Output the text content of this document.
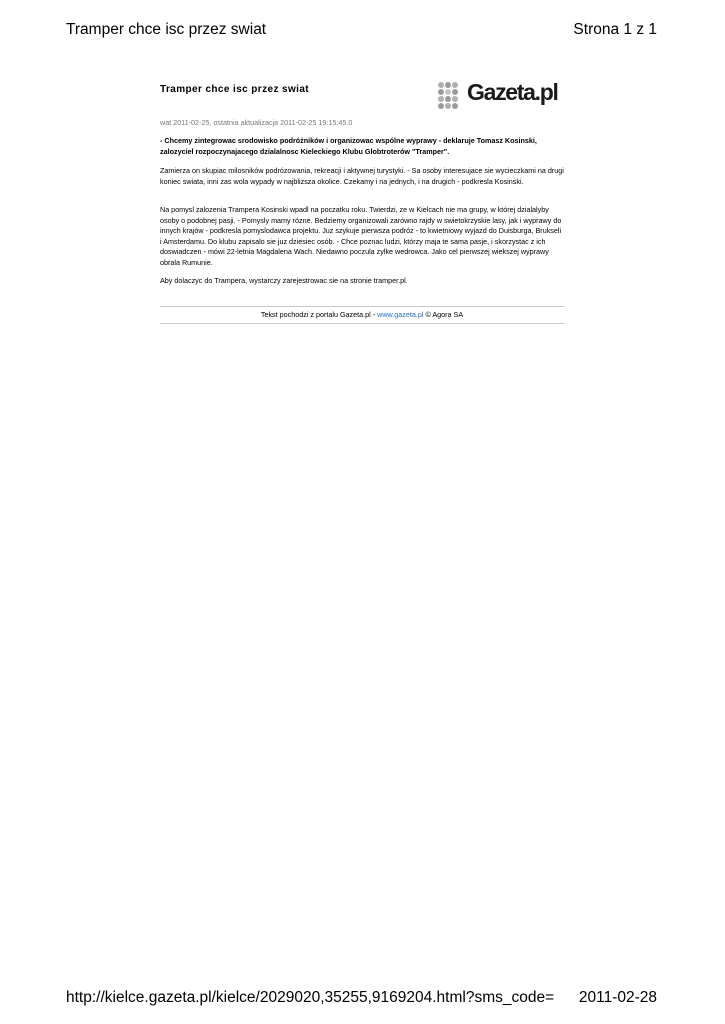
Tramper chce isc przez swiat	Strona 1 z 1
Tramper chce isc przez swiat	Gazeta.pl
wat 2011-02-25, ostatnia aktualizacja 2011-02-25 19:15:45.0
- Chcemy zintegrowac srodowisko podróżników i organizowac wspólne wyprawy - deklaruje Tomasz Kosinski, zalozyciel rozpoczynajacego dzialalnosc Kieleckiego Klubu Globtroterów "Tramper".
Zamierza on skupiac milosników podrózowania, rekreacji i aktywnej turystyki. - Sa osoby interesujace sie wycieczkami na drugi koniec swiata, inni zas wola wypady w najblizsza okolice. Czekamy i na jednych, i na drugich - podkresla Kosinski.
Na pomysl zalozenia Trampera Kosinski wpadl na poczatku roku. Twierdzi, ze w Kielcach nie ma grupy, w której dzialalyby osoby o podobnej pasji. - Pomysly mamy rózne. Bedziemy organizowali zarówno rajdy w swietokrzyskie lasy, jak i wyprawy do innych krajów - podkresla pomyslodawca projektu. Juz szykuje pierwsza podróz - to kwietniowy wyjazd do Duisburga, Brukseli i Amsterdamu. Do klubu zapisalo sie juz dziesiec osób. - Chce poznac ludzi, którzy maja te sama pasje, i skorzystac z ich doswiadczen - mówi 22-letnia Magdalena Wach. Niedawno poczula zylke wedrowca. Jako cel pierwszej wiekszej wyprawy obrala Rumunie.
Aby dolaczyc do Trampera, wystarczy zarejestrowac sie na stronie tramper.pl.
Tekst pochodzi z portalu Gazeta.pl - www.gazeta.pl © Agora SA
http://kielce.gazeta.pl/kielce/2029020,35255,9169204.html?sms_code= 2011-02-28
